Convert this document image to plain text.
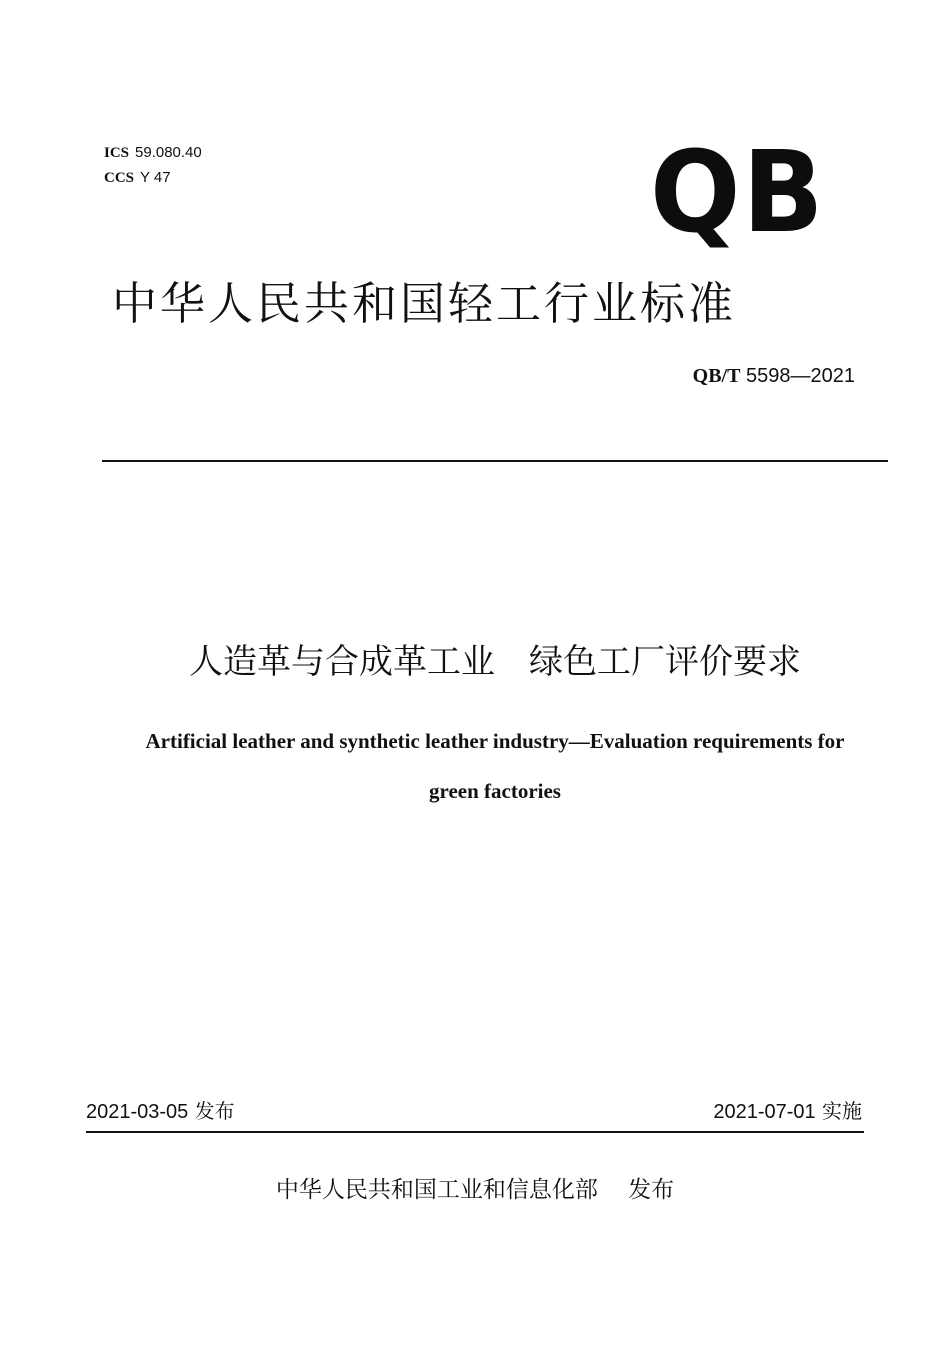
ICS 59.080.40
CCS Y 47	QB
中华人民共和国轻工行业标准
QB/T 5598—2021
人造革与合成革工业　绿色工厂评价要求
Artificial leather and synthetic leather industry—Evaluation requirements for
green factories
2021-03-05 发布	2021-07-01 实施
中华人民共和国工业和信息化部　 发布
